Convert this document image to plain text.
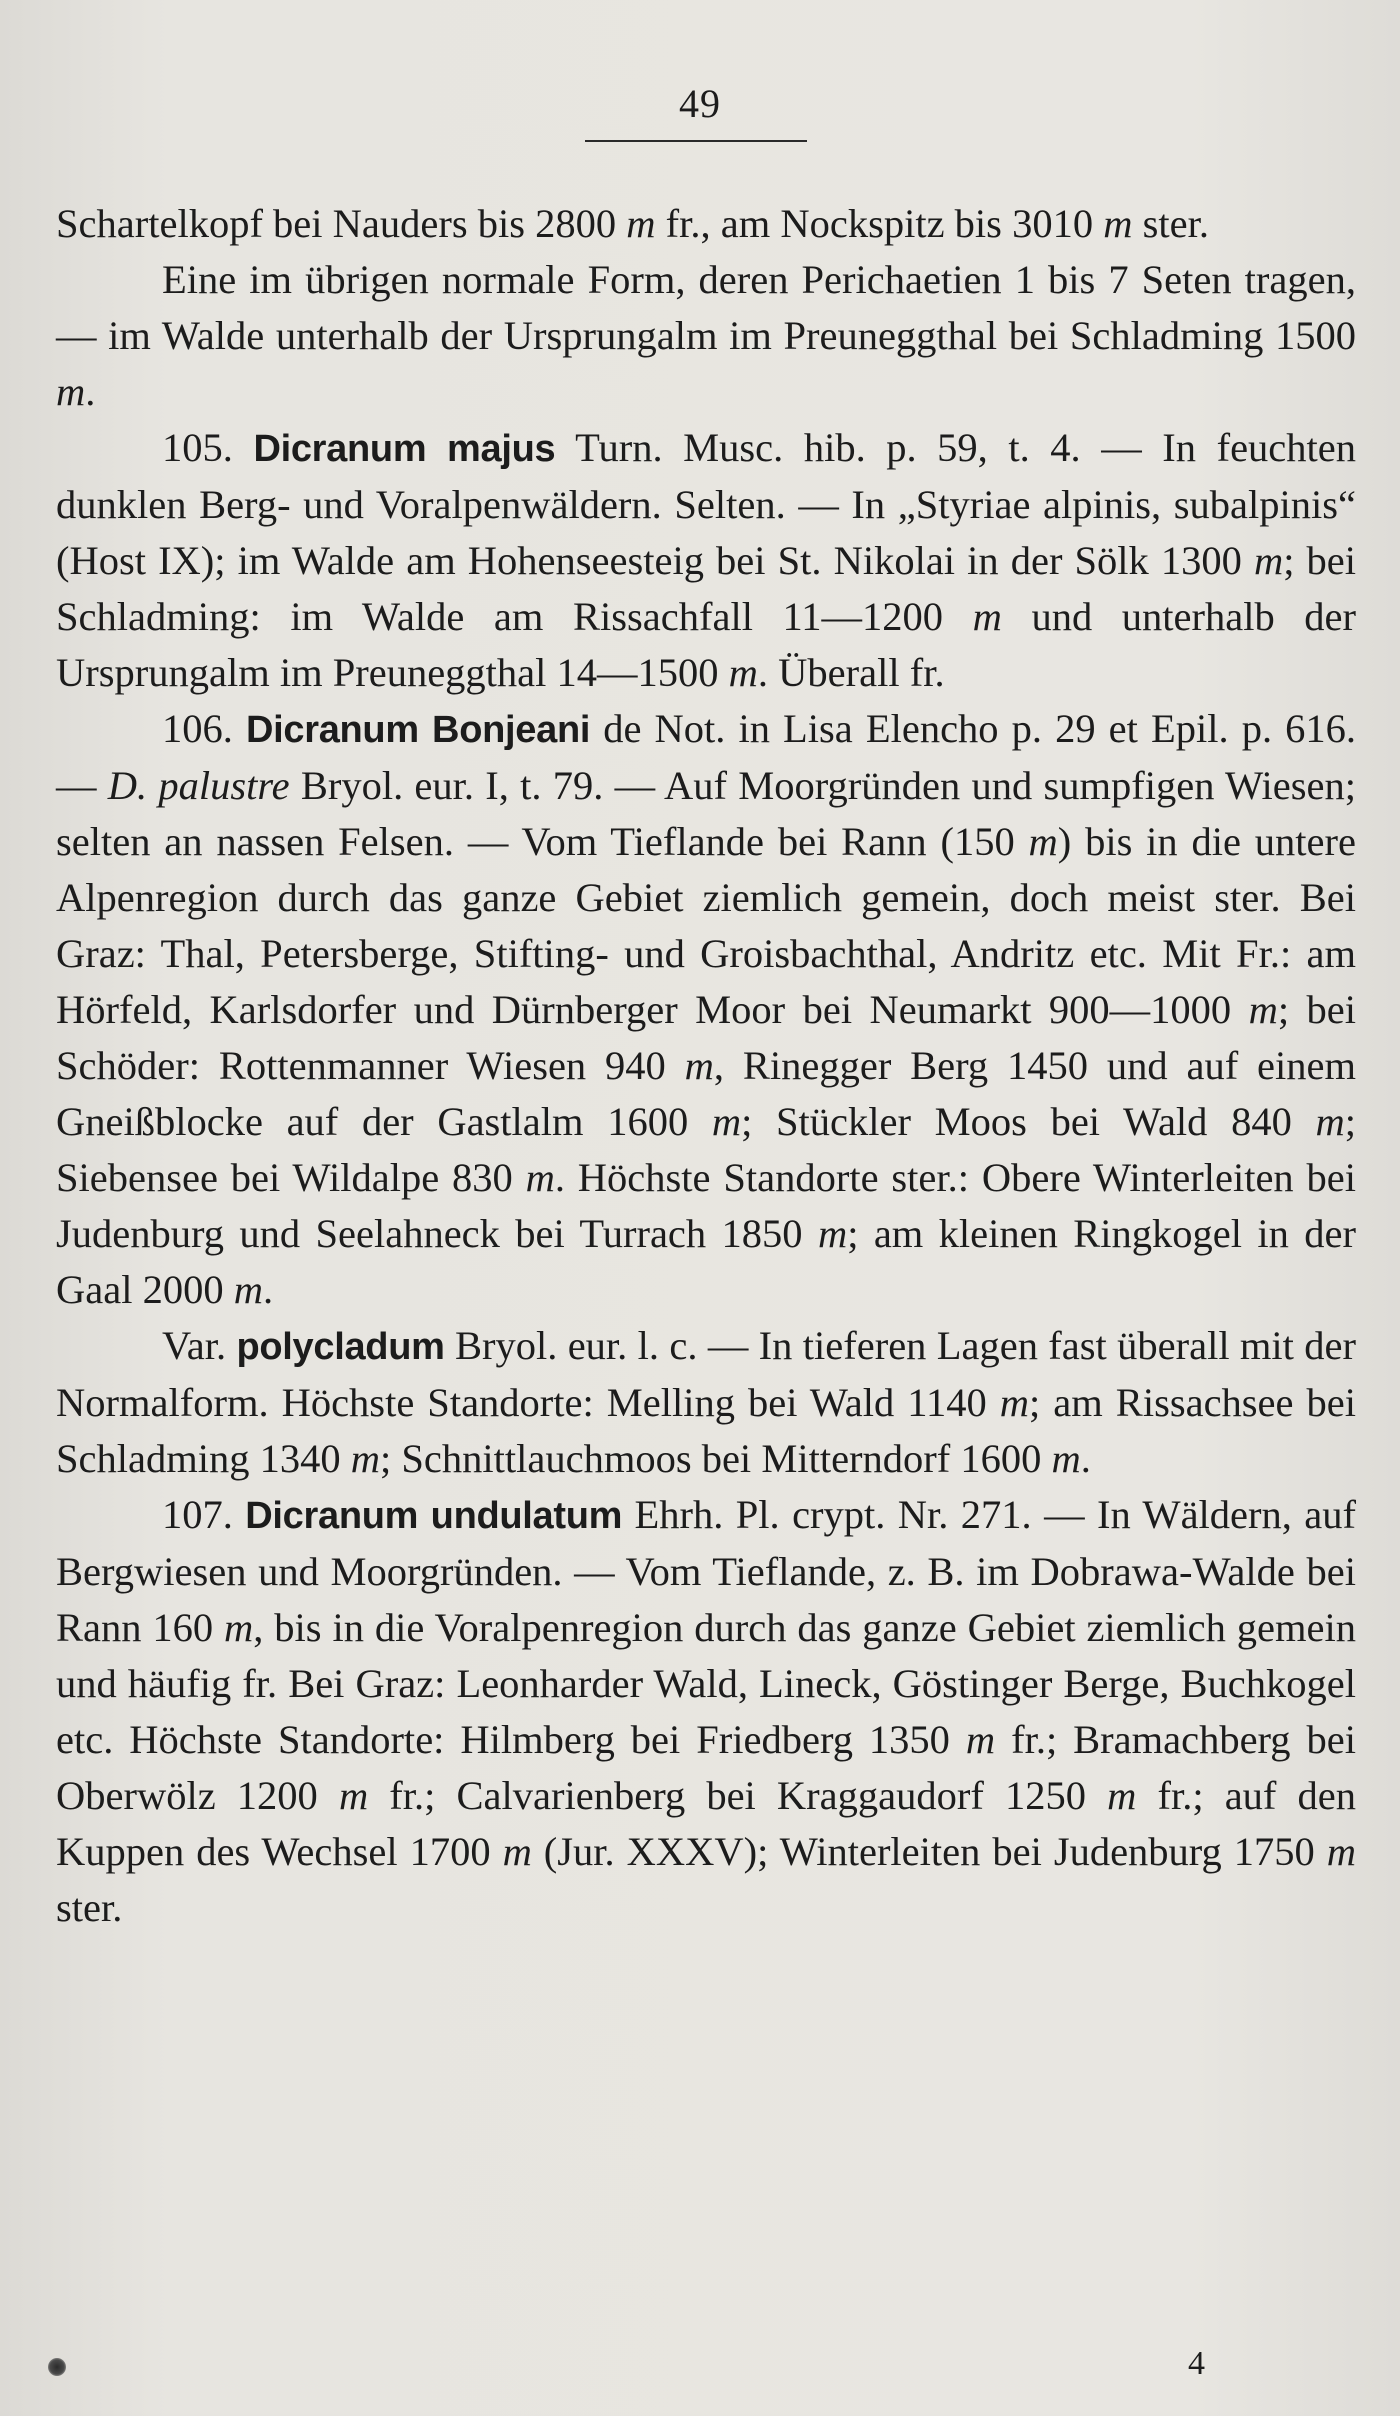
49

Schartelkopf bei Nauders bis 2800 m fr., am Nockspitz bis 3010 m ster.

Eine im übrigen normale Form, deren Perichaetien 1 bis 7 Seten tragen, — im Walde unterhalb der Ursprungalm im Preuneggthal bei Schladming 1500 m.

105. Dicranum majus Turn. Musc. hib. p. 59, t. 4. — In feuchten dunklen Berg- und Voralpenwäldern. Selten. — In „Styriae alpinis, subalpinis“ (Host IX); im Walde am Hohenseesteig bei St. Nikolai in der Sölk 1300 m; bei Schladming: im Walde am Rissachfall 11—1200 m und unterhalb der Ursprungalm im Preuneggthal 14—1500 m. Überall fr.

106. Dicranum Bonjeani de Not. in Lisa Elencho p. 29 et Epil. p. 616. — D. palustre Bryol. eur. I, t. 79. — Auf Moorgründen und sumpfigen Wiesen; selten an nassen Felsen. — Vom Tieflande bei Rann (150 m) bis in die untere Alpenregion durch das ganze Gebiet ziemlich gemein, doch meist ster. Bei Graz: Thal, Petersberge, Stifting- und Groisbachthal, Andritz etc. Mit Fr.: am Hörfeld, Karlsdorfer und Dürnberger Moor bei Neumarkt 900—1000 m; bei Schöder: Rottenmanner Wiesen 940 m, Rinegger Berg 1450 und auf einem Gneißblocke auf der Gastlalm 1600 m; Stückler Moos bei Wald 840 m; Siebensee bei Wildalpe 830 m. Höchste Standorte ster.: Obere Winterleiten bei Judenburg und Seelahneck bei Turrach 1850 m; am kleinen Ringkogel in der Gaal 2000 m.

Var. polycladum Bryol. eur. l. c. — In tieferen Lagen fast überall mit der Normalform. Höchste Standorte: Melling bei Wald 1140 m; am Rissachsee bei Schladming 1340 m; Schnittlauchmoos bei Mitterndorf 1600 m.

107. Dicranum undulatum Ehrh. Pl. crypt. Nr. 271. — In Wäldern, auf Bergwiesen und Moorgründen. — Vom Tieflande, z. B. im Dobrawa-Walde bei Rann 160 m, bis in die Voralpenregion durch das ganze Gebiet ziemlich gemein und häufig fr. Bei Graz: Leonharder Wald, Lineck, Göstinger Berge, Buchkogel etc. Höchste Standorte: Hilmberg bei Friedberg 1350 m fr.; Bramachberg bei Oberwölz 1200 m fr.; Calvarienberg bei Kraggaudorf 1250 m fr.; auf den Kuppen des Wechsel 1700 m (Jur. XXXV); Winterleiten bei Judenburg 1750 m ster.

4
